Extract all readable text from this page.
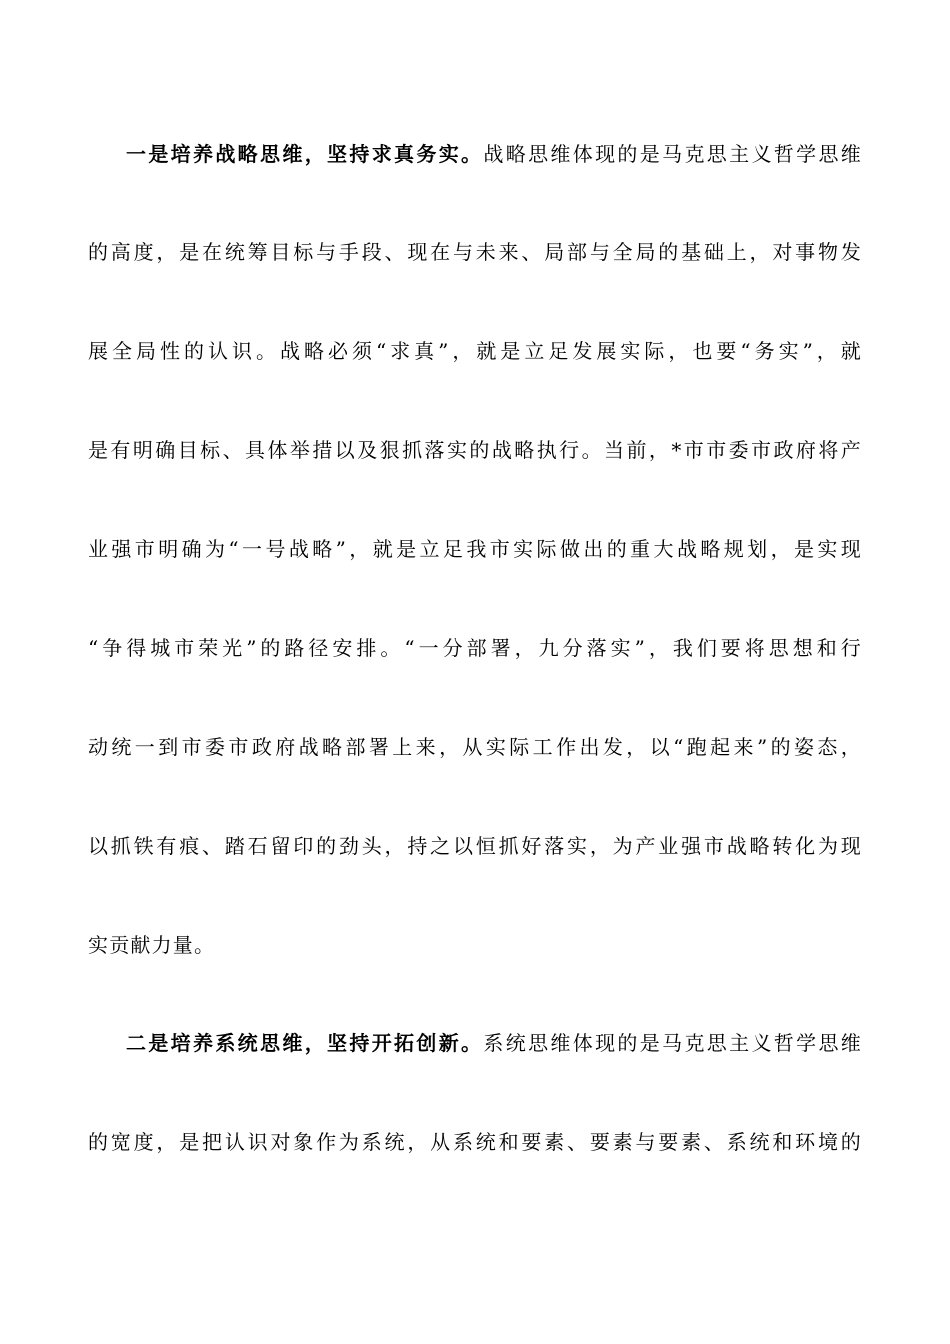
一是培养战略思维，坚持求真务实。战略思维体现的是马克思主义哲学思维
的高度，是在统筹目标与手段、现在与未来、局部与全局的基础上，对事物发
展全局性的认识。战略必须“求真”，就是立足发展实际，也要“务实”，就
是有明确目标、具体举措以及狠抓落实的战略执行。当前，*市市委市政府将产
业强市明确为“一号战略”，就是立足我市实际做出的重大战略规划，是实现
“争得城市荣光”的路径安排。“一分部署，九分落实”，我们要将思想和行
动统一到市委市政府战略部署上来，从实际工作出发，以“跑起来”的姿态，
以抓铁有痕、踏石留印的劲头，持之以恒抓好落实，为产业强市战略转化为现
实贡献力量。
二是培养系统思维，坚持开拓创新。系统思维体现的是马克思主义哲学思维
的宽度，是把认识对象作为系统，从系统和要素、要素与要素、系统和环境的
